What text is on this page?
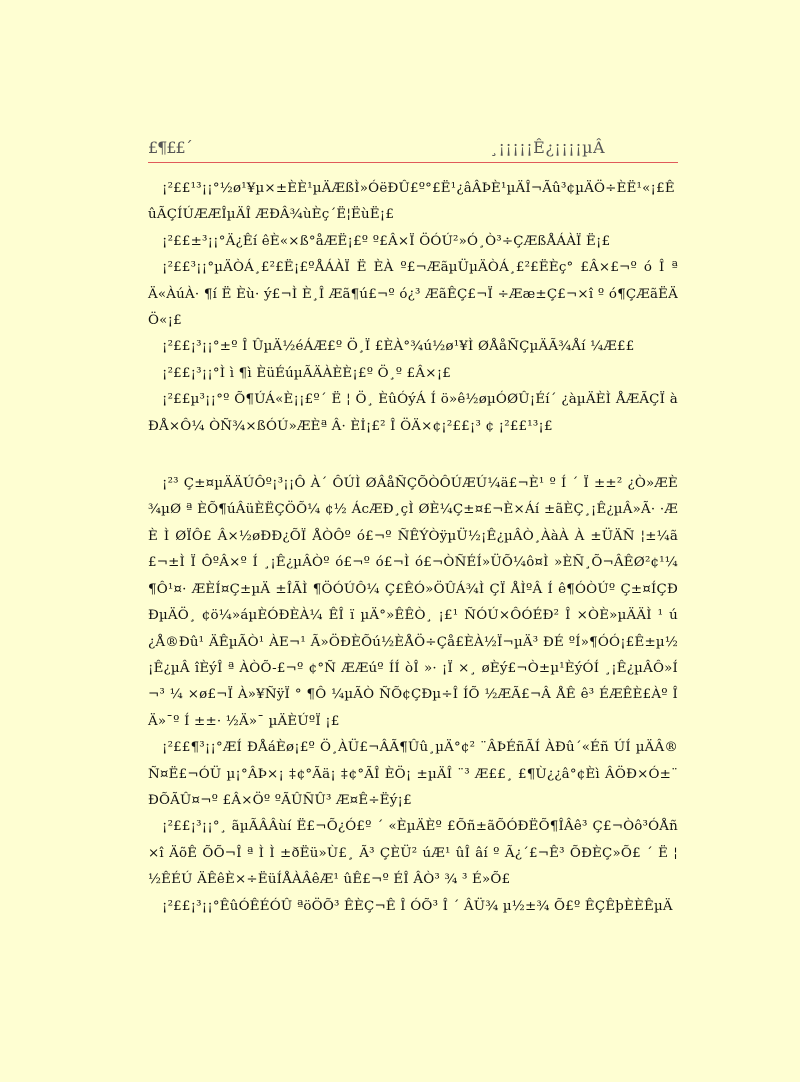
£¶££´	¸¡¡¡¡¡Ê¿¡¡¡¡µÂ

¡²££¹³¡¡°½ø¹¥µ×±ÈÈ¹µÄÆßÌ»ÓëÐÛ£º°£Ë¹¿âÂÞÈ¹µÄÎ¬Ãû³¢µÄÖ÷ÈË¹«¡£ÊûÃÇÍÚÆÆÎµÄÎ ÆÐÂ¾ùÈç´Ë¦ËùË¡£

¡²££±³¡¡°Ä¿Êí êÈ«×ß°åÆË¡£º º£Â×Ï ÖÓÚ²»Ó¸Ò³÷ÇÆßÅÁÀÏ Ë¡£

¡²££³¡¡°µÄÒÁ¸£²£Ë¡£ºÅÁÀÏ Ë ÈÀ º£¬ÆãµÜµÄÒÁ¸£²£ËÈç° £Â×£¬º ó Î ª Ä«ÀúÀ· ¶í Ë Èù· ý£¬Ì È¸Î Æã¶ú£¬º ó¿³ ÆãÊÇ£¬Ï ÷Ææ±Ç£¬×î º ó¶ÇÆãËÄÖ«¡£

¡²££¡³¡¡°±º Î ÛµÄ½éÁÆ£º Ö¸Ï £ÈÀ°¾ú½ø¹¥Ì ØÅåÑÇµÄÃ¾Åí ¼Æ££

¡²££¡³¡¡°Ì ì ¶ì ÈüÉúµÃÄÀÈÈ¡£º Ö¸º £Â×¡£

¡²££µ³¡¡°º Õ¶ÚÁ«È¡¡£º´ Ë ¦ Ö¸ ÈûÓýÁ Í ö»ê½øµÓØÛ¡Éí´ ¿àµÄÈÌ ÅÆÃÇÏ àÐÅ×Ô¼ ÒÑ¾×ßÓÚ»ÆÈª Â· Èİ¡£² Î ÖÄ×¢¡²££¡³ ¢ ¡²££¹³¡£

¡²³ Ç±¤µÄÄÚÔº¡³¡¡Ô À´ ÔÚÌ ØÂåÑÇÕÒÔÚÆÚ¼ä£¬È¹ º Í ´ Ï ±±² ¿Ò»ÆÈ¾µØ ª ÈÕ¶úÂüÈËÇÖÕ¼ ¢½ ÁcÆÐ¸çÌ ØÈ¼Ç±¤£¬È×Áí ±ãÈÇ¸¡Ê¿µÂ»Ã· ·ÆÈ Ì ØÏÔ£ Â×½øÐÐ¿ÕÏ ÅÒÔº ó£¬º ÑÊÝÒÿµÜ½¡Ê¿µÂÒ¸ÀàÀ À ±ÜÄÑ ¦±¼ã£¬±Ì Ï ÔºÂ×º Í ¸¡Ê¿µÂÒº ó£¬º ó£¬Ì ó£¬ÒÑÉÍ»ÜÕ¼ô¤Ì »ÈÑ¸Õ¬ÂÊØ²¢¹¼¶Ô¹¤· ÆÈÍ¤Ç±µÄ ±ÎÃÌ ¶ÖÓÚÔ¼ Ç£ÊÓ»ÖÛÁ¾Ì ÇÏ ÅÌºÂ Í ê¶ÓÒÚº Ç±¤ÍÇÐÐµÄÖ¸ ¢ö¼»áµÈÓÐÈÀ¼ ÊÎ ï µÄ°»ÊÊÒ¸ ¡£¹ ÑÓÚ×ÔÓÉÐ² Î ×ÒÈ»µÄÄÌ ¹ ú¿Å®Ðû¹ ÄÊµÃÒ¹ ÀE¬¹ Ã»ÖÐÈÕú½ÈÅÖ÷Çå£ÈÀ½Ï¬µÄ³ ÐÉ ºÍ»¶ÓÓ¡£Ê±µ½¡Ê¿µÂ îÈýÎ ª ÀÒÕ-£¬º ¢°Ñ ÆÆúº ÍÍ òÎ »· ¡Ï ×¸ øÈý£¬Ò±µ¹ÈýÓÍ ¸¡Ê¿µÂÔ»Í ¬³ ¼ ×ø£¬Ï À»¥ÑÿÏ ° ¶Ô ¼µÃÒ ÑÕ¢ÇÐµ÷Î ÍÕ ½ÆÃ£¬Â ÅÊ ê³ ÉÆÊÈ£Àº Î Ä»¯º Í ±±· ½Ä»¯ µÄÈÚºÏ ¡£

¡²££¶³¡¡°ÆÍ ÐÅáÈø¡£º Ö¸ÀÜ£¬ÂÃ¶Ûû¸µÄ°¢² ¨ÂÞÉñÃÍ ÀÐû´«Éñ ÚÍ µÄÂ®Ñ¤Ë£¬ÓÜ µ¡°ÂÞ×¡ ‡¢°Ãä¡ ‡¢°ÃÎ ÈÖ¡ ±µÄÎ ¨³ Æ££¸ £¶Ù¿¿â°¢Èì ÂÖÐ×Ó±¨ ÐÕÃÛ¤¬º £Â×Öº ºÃÛÑÛ³ Æ¤Ê÷Ëý¡£

¡²££¡³¡¡°¸ ãµÃÂÂùí Ë£¬Õ¿Ó£º ´ «ÈµÄÈº £Õñ±ãÕÓÐËÕ¶ÎÂê³ Ç£¬Òô³ÓÅñ×î ÄõÊ ÕÕ¬Î ª Ì Ì ±ðËü»Ù£¸ Ã³ ÇÈÜ² úÆ¹ ûÎ âí º Ã¿´£¬Ê³ ÕÐÈÇ»Õ£ ´ Ë ¦ ½ÊÉÚ ÄÊêÈ×÷ËüÍÅÀÂêÆ¹ ûÊ£¬º ÉÎ ÂÒ³ ¾ ³ É»Õ£

¡²££¡³¡¡°ÊûÓÊÉÓÛ ªöÖÕ³ ÊÈÇ¬Ê Î ÓÕ³ Î ´ ÂÜ¾ µ½±¾ Õ£º ÊÇÊþÈÈÊµÄ
